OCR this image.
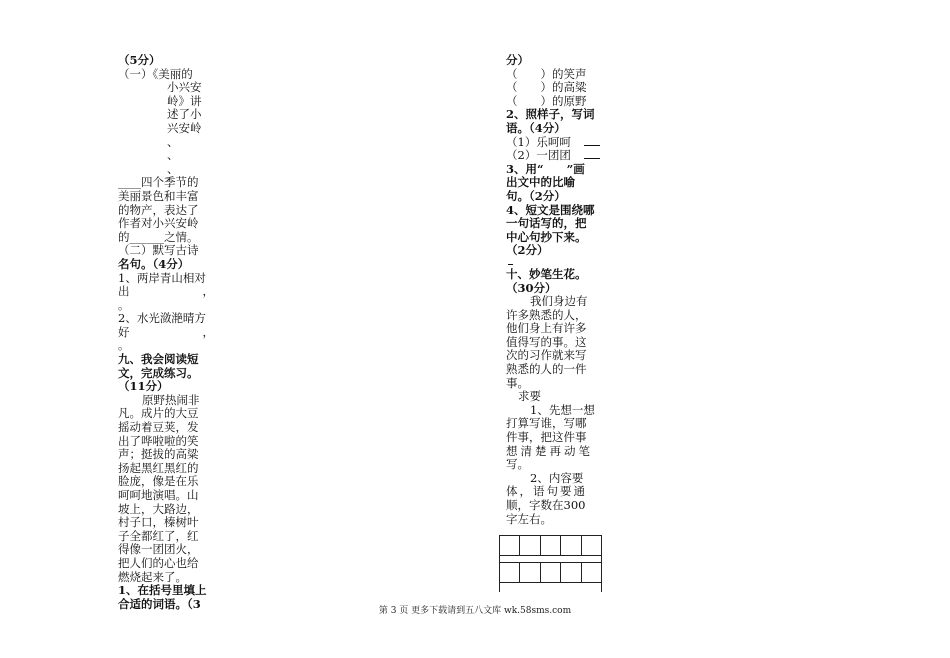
（5分）
（一）《美丽的
小兴安
岭》讲
述了小
兴安岭
、
、
、
____四个季节的
美丽景色和丰富
的物产，表达了
作者对小兴安岭
的______之情。
（二）默写古诗
名句。（4分）
1、两岸青山相对
出	，
。
2、水光潋滟晴方
好	，
。
九、我会阅读短
文，完成练习。
（11分）
原野热闹非
凡。成片的大豆
摇动着豆荚，发
出了哗啦啦的笑
声；挺拔的高粱
扬起黑红黑红的
脸庞，像是在乐
呵呵地演唱。山
坡上，大路边，
村子口，榛树叶
子全都红了，红
得像一团团火，
把人们的心也给
燃烧起来了。
1、在括号里填上
合适的词语。（3
分）
（　　）的笑声
（　　）的高粱
（　　）的原野
2、照样子，写词
语。（4分）
（1）乐呵呵
（2）一团团
3、用“　　”画
出文中的比喻
句。（2分）
4、短文是围绕哪
一句话写的，把
中心句抄下来。
（2分）
十、妙笔生花。
（30分）
我们身边有
许多熟悉的人，
他们身上有许多
值得写的事。这
次的习作就来写
熟悉的人的一件
事。
求要
1、先想一想
打算写谁，写哪
件事，把这件事
想清楚再动笔
写。
2、内容要
体，语句要通
顺，字数在300
字左右。
第 3 页 更多下载请到五八文库 wk.58sms.com
